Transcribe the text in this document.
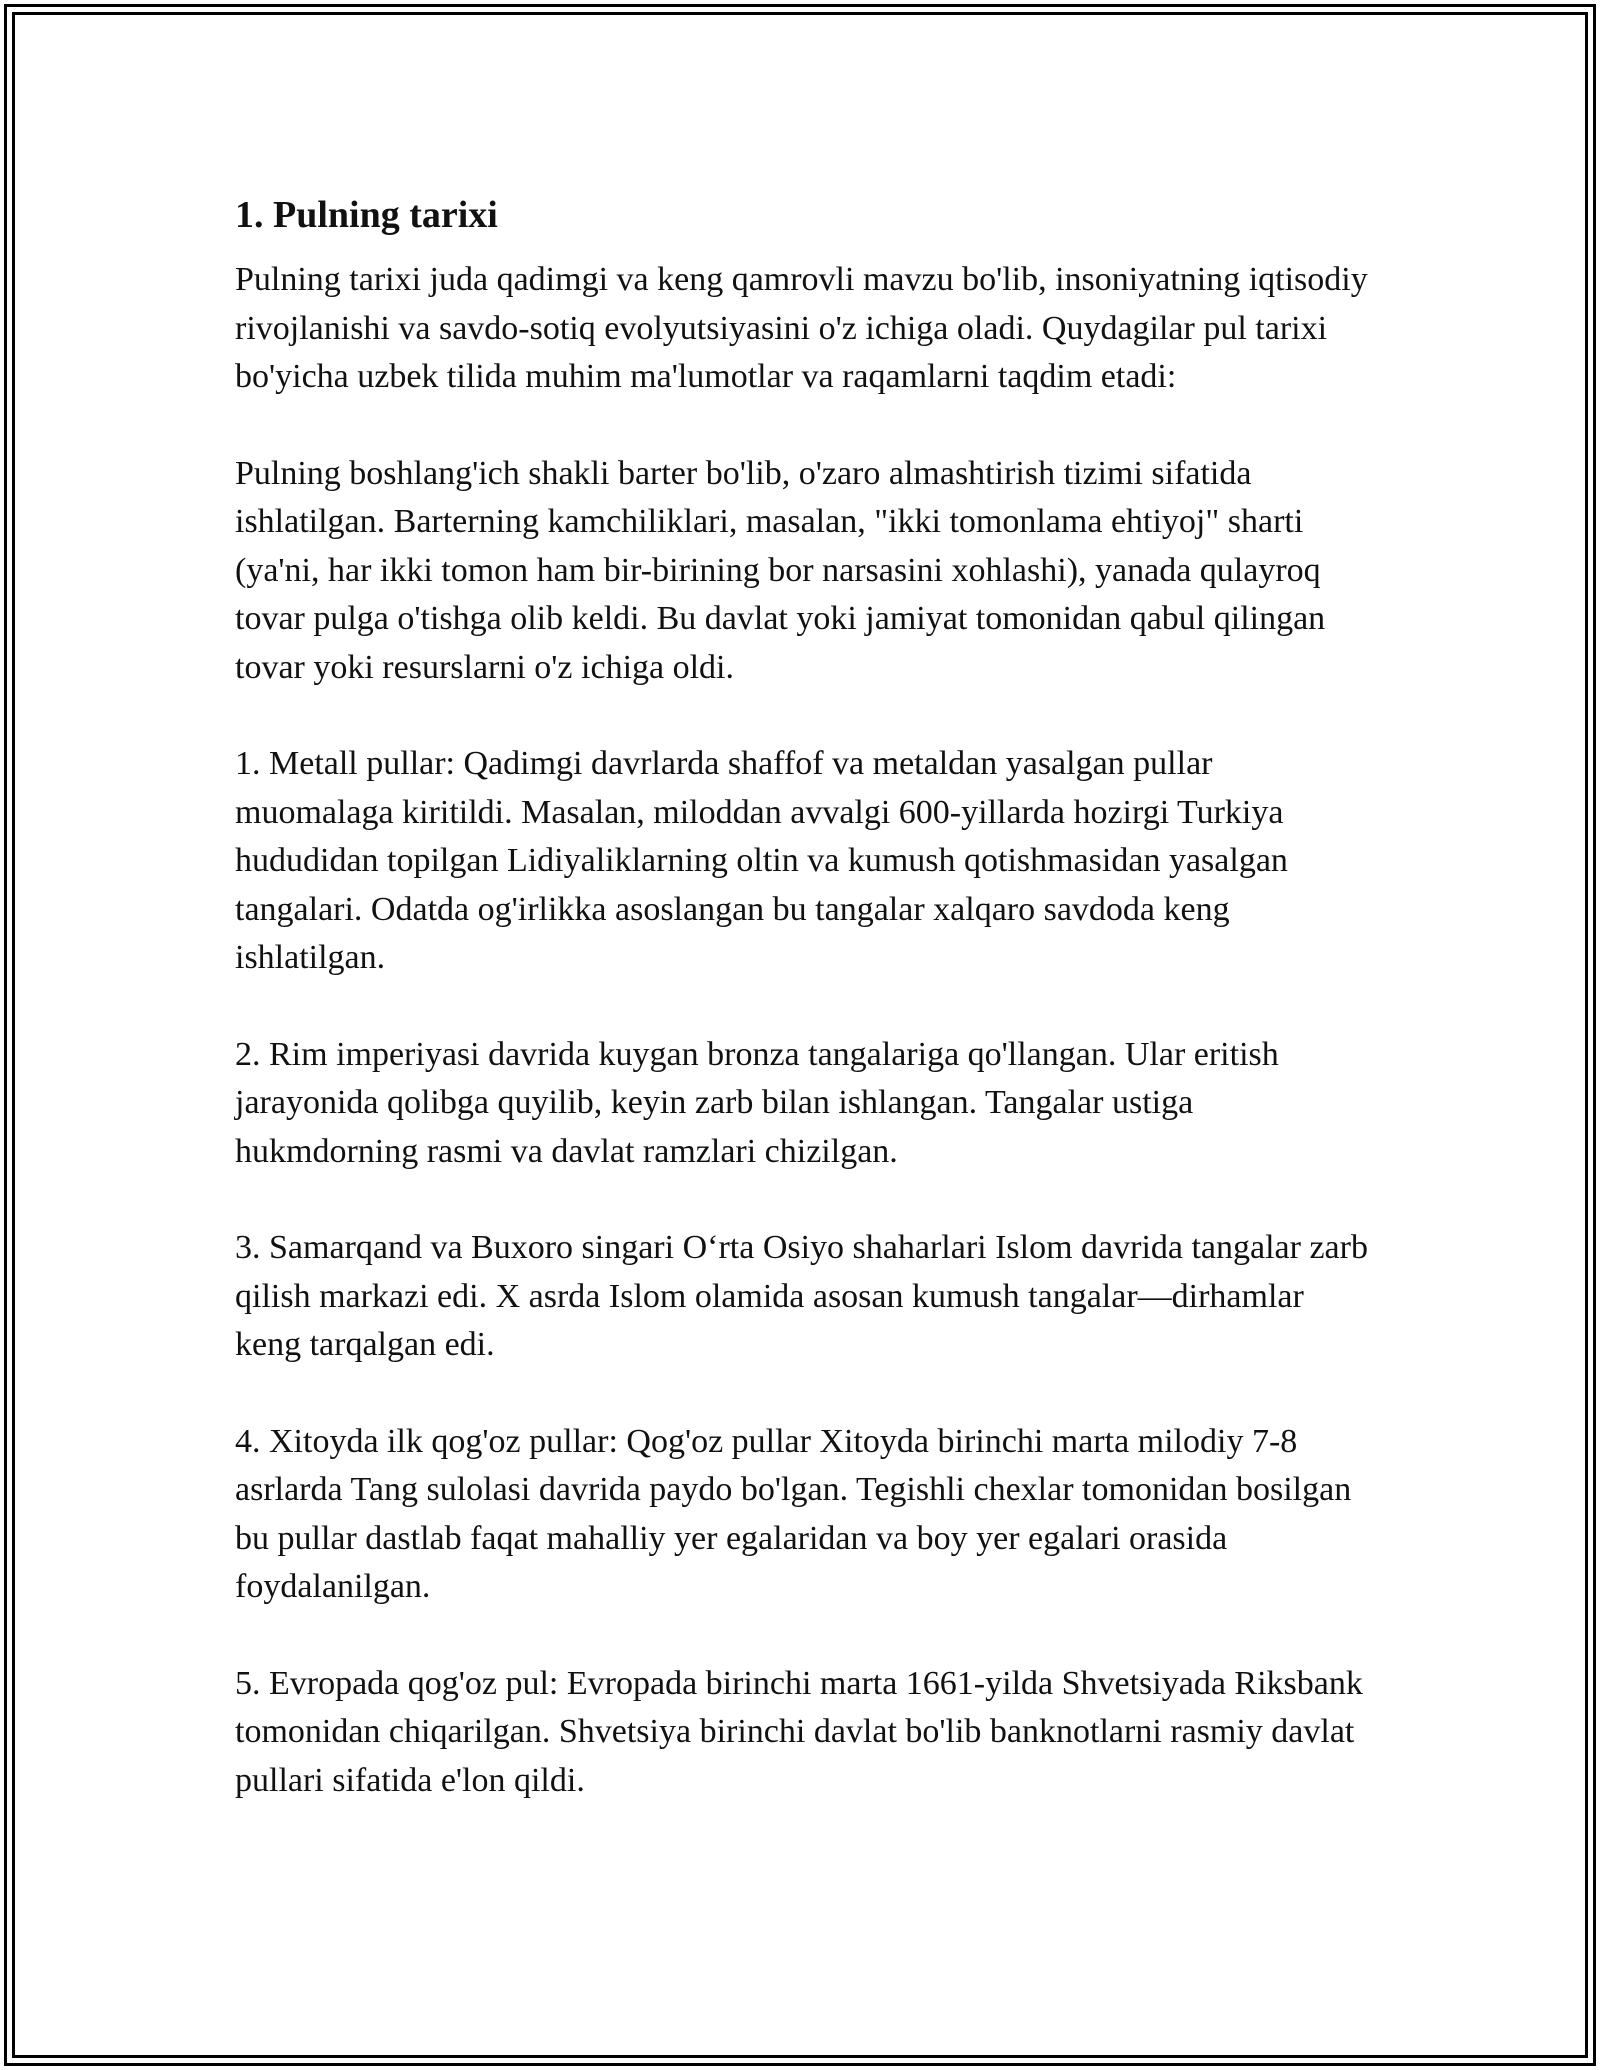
1. Pulning tarixi

Pulning tarixi juda qadimgi va keng qamrovli mavzu bo'lib, insoniyatning iqtisodiy rivojlanishi va savdo-sotiq evolyutsiyasini o'z ichiga oladi. Quydagilar pul tarixi bo'yicha uzbek tilida muhim ma'lumotlar va raqamlarni taqdim etadi:

Pulning boshlang'ich shakli barter bo'lib, o'zaro almashtirish tizimi sifatida ishlatilgan. Barterning kamchiliklari, masalan, "ikki tomonlama ehtiyoj" sharti (ya'ni, har ikki tomon ham bir-birining bor narsasini xohlashi), yanada qulayroq tovar pulga o'tishga olib keldi. Bu davlat yoki jamiyat tomonidan qabul qilingan tovar yoki resurslarni o'z ichiga oldi.

1. Metall pullar: Qadimgi davrlarda shaffof va metaldan yasalgan pullar muomalaga kiritildi. Masalan, miloddan avvalgi 600-yillarda hozirgi Turkiya hududidan topilgan Lidiyaliklarning oltin va kumush qotishmasidan yasalgan tangalari. Odatda og'irlikka asoslangan bu tangalar xalqaro savdoda keng ishlatilgan.

2. Rim imperiyasi davrida kuygan bronza tangalariga qo'llangan. Ular eritish jarayonida qolibga quyilib, keyin zarb bilan ishlangan. Tangalar ustiga hukmdorning rasmi va davlat ramzlari chizilgan.

3. Samarqand va Buxoro singari O‘rta Osiyo shaharlari Islom davrida tangalar zarb qilish markazi edi. X asrda Islom olamida asosan kumush tangalar—dirhamlar keng tarqalgan edi.

4. Xitoyda ilk qog'oz pullar: Qog'oz pullar Xitoyda birinchi marta milodiy 7-8 asrlarda Tang sulolasi davrida paydo bo'lgan. Tegishli chexlar tomonidan bosilgan bu pullar dastlab faqat mahalliy yer egalaridan va boy yer egalari orasida foydalanilgan.

5. Evropada qog'oz pul: Evropada birinchi marta 1661-yilda Shvetsiyada Riksbank tomonidan chiqarilgan. Shvetsiya birinchi davlat bo'lib banknotlarni rasmiy davlat pullari sifatida e'lon qildi.
